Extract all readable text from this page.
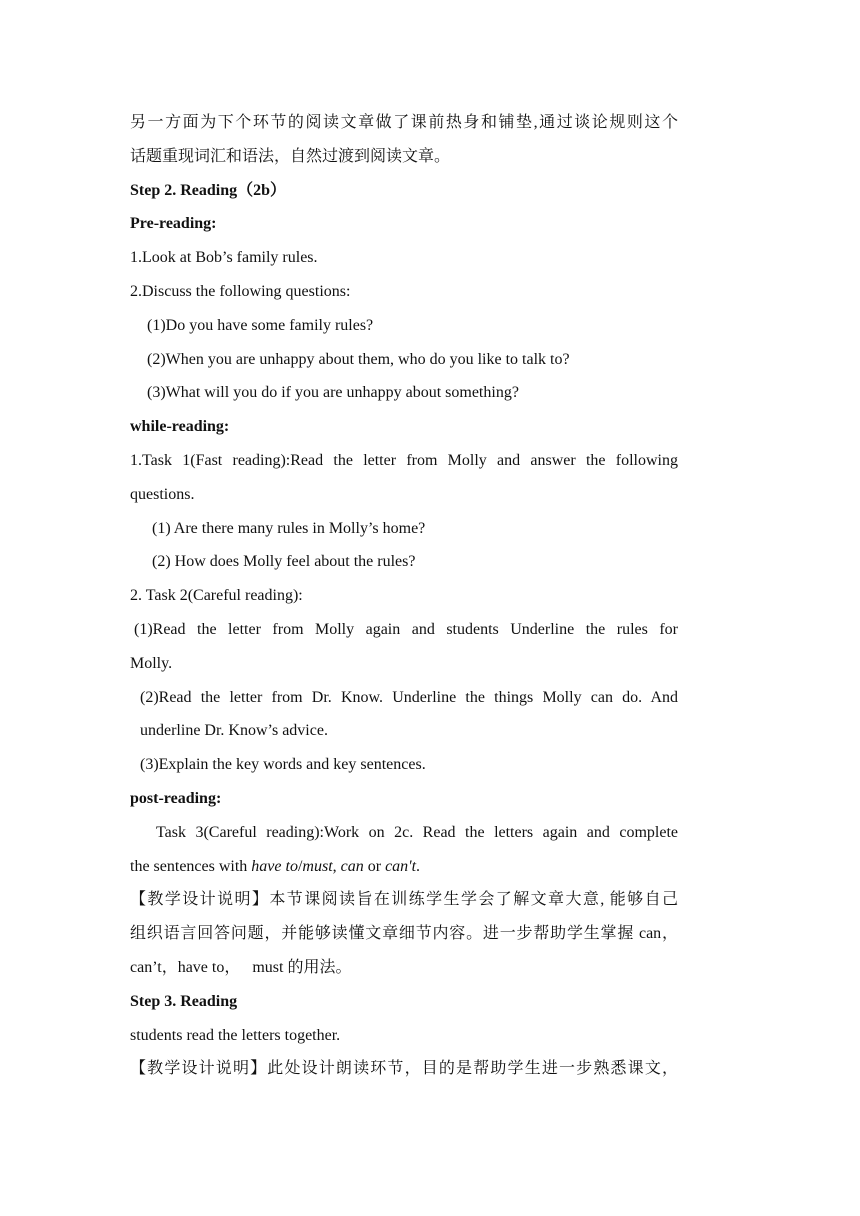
另一方面为下个环节的阅读文章做了课前热身和铺垫,通过谈论规则这个

话题重现词汇和语法，自然过渡到阅读文章。

Step 2. Reading（2b）

Pre-reading:

1.Look at Bob’s family rules.

2.Discuss the following questions:

(1)Do you have some family rules?

(2)When you are unhappy about them, who do you like to talk to?

(3)What will you do if you are unhappy about something?

while-reading:

1.Task 1(Fast reading):Read the letter from Molly and answer the following

questions.

(1) Are there many rules in Molly’s home?

(2) How does Molly feel about the rules?

2. Task 2(Careful reading):

(1)Read the letter from Molly again and students Underline the rules for

Molly.

(2)Read the letter from Dr. Know. Underline the things Molly can do. And

underline Dr. Know’s advice.

(3)Explain the key words and key sentences.

post-reading:

Task 3(Careful reading):Work on 2c. Read the letters again and complete

the sentences with have to/must, can or can't.

【教学设计说明】本节课阅读旨在训练学生学会了解文章大意, 能够自己

组织语言回答问题，并能够读懂文章细节内容。进一步帮助学生掌握 can，

can’t，have to，   must 的用法。

Step 3. Reading

students read the letters together.

【教学设计说明】此处设计朗读环节，目的是帮助学生进一步熟悉课文，
